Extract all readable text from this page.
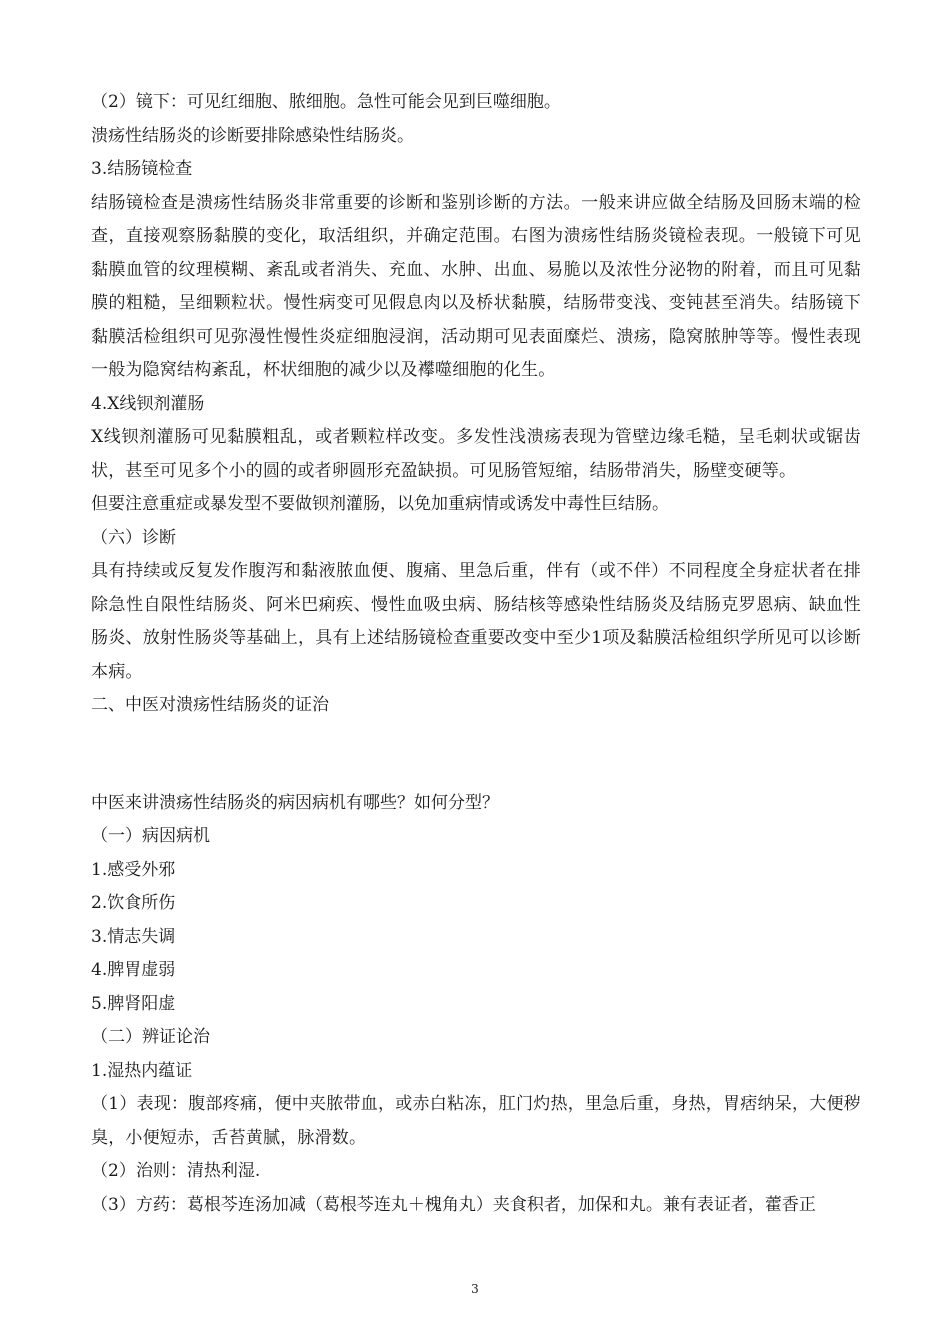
（2）镜下：可见红细胞、脓细胞。急性可能会见到巨噬细胞。
溃疡性结肠炎的诊断要排除感染性结肠炎。
3.结肠镜检查
结肠镜检查是溃疡性结肠炎非常重要的诊断和鉴别诊断的方法。一般来讲应做全结肠及回肠末端的检查，直接观察肠黏膜的变化，取活组织，并确定范围。右图为溃疡性结肠炎镜检表现。一般镜下可见黏膜血管的纹理模糊、紊乱或者消失、充血、水肿、出血、易脆以及浓性分泌物的附着，而且可见黏膜的粗糙，呈细颗粒状。慢性病变可见假息肉以及桥状黏膜，结肠带变浅、变钝甚至消失。结肠镜下黏膜活检组织可见弥漫性慢性炎症细胞浸润，活动期可见表面糜烂、溃疡，隐窝脓肿等等。慢性表现一般为隐窝结构紊乱，杯状细胞的减少以及襻噬细胞的化生。
4.X线钡剂灌肠
X线钡剂灌肠可见黏膜粗乱，或者颗粒样改变。多发性浅溃疡表现为管壁边缘毛糙，呈毛刺状或锯齿状，甚至可见多个小的圆的或者卵圆形充盈缺损。可见肠管短缩，结肠带消失，肠壁变硬等。
但要注意重症或暴发型不要做钡剂灌肠，以免加重病情或诱发中毒性巨结肠。
（六）诊断
具有持续或反复发作腹泻和黏液脓血便、腹痛、里急后重，伴有（或不伴）不同程度全身症状者在排除急性自限性结肠炎、阿米巴痢疾、慢性血吸虫病、肠结核等感染性结肠炎及结肠克罗恩病、缺血性肠炎、放射性肠炎等基础上，具有上述结肠镜检查重要改变中至少1项及黏膜活检组织学所见可以诊断本病。
二、中医对溃疡性结肠炎的证治
中医来讲溃疡性结肠炎的病因病机有哪些？如何分型？
（一）病因病机
1.感受外邪
2.饮食所伤
3.情志失调
4.脾胃虚弱
5.脾肾阳虚
（二）辨证论治
1.湿热内蕴证
（1）表现：腹部疼痛，便中夹脓带血，或赤白粘冻，肛门灼热，里急后重，身热，胃痞纳呆，大便秽臭，小便短赤，舌苔黄腻，脉滑数。
（2）治则：清热利湿.
（3）方药：葛根芩连汤加减（葛根芩连丸＋槐角丸）夹食积者，加保和丸。兼有表证者，藿香正
3
